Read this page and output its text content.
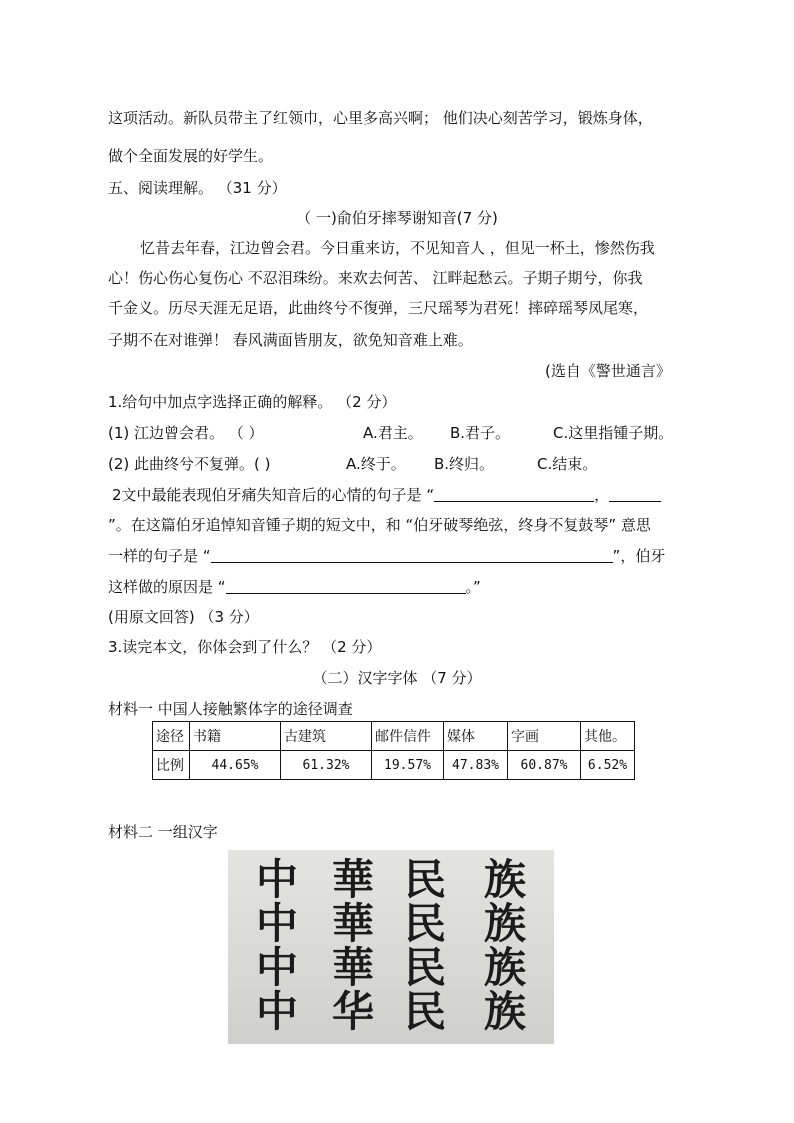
这项活动。新队员带主了红领巾，心里多高兴啊； 他们决心刻苦学习，锻炼身体，
做个全面发展的好学生。
五、阅读理解。 （31 分）
（ 一)俞伯牙摔琴谢知音(7 分)
忆昔去年春，江边曾会君。今日重来访，不见知音人 ，但见一杯土，惨然伤我
心！伤心伤心复伤心 不忍泪珠纷。来欢去何苦、 江畔起愁云。子期子期兮，你我
千金义。历尽天涯无足语，此曲终兮不復弹，三尺瑶琴为君死！摔碎瑶琴凤尾寒，
子期不在对谁弹！ 春风满面皆朋友，欲免知音难上难。
(选自《警世通言》
1.给句中加点字选择正确的解释。 （2 分）
(1) 江边曾会君。 （ ）	A.君主。 B.君子。	C.这里指锺子期。
(2) 此曲终兮不复弹。( )	A.终于。 B.终归。	C.结束。
2文中最能表现伯牙痛失知音后的心情的句子是 “	，
”。在这篇伯牙追悼知音锺子期的短文中，和 “伯牙破琴绝弦，终身不复鼓琴” 意思
一样的句子是 “	”，伯牙
这样做的原因是 “	。”
(用原文回答) （3 分）
3.读完本文，你体会到了什么？ （2 分）
（二）汉字字体 （7 分）
材料一 中国人接触繁体字的途径调查
途径	书籍	古建筑	邮件信件	媒体	字画	其他。
比例	44.65%	61.32%	19.57%	47.83%	60.87%	6.52%
材料二 一组汉字
中 華 民 族
中 華 民 族
中 華 民 族
中 华 民 族
